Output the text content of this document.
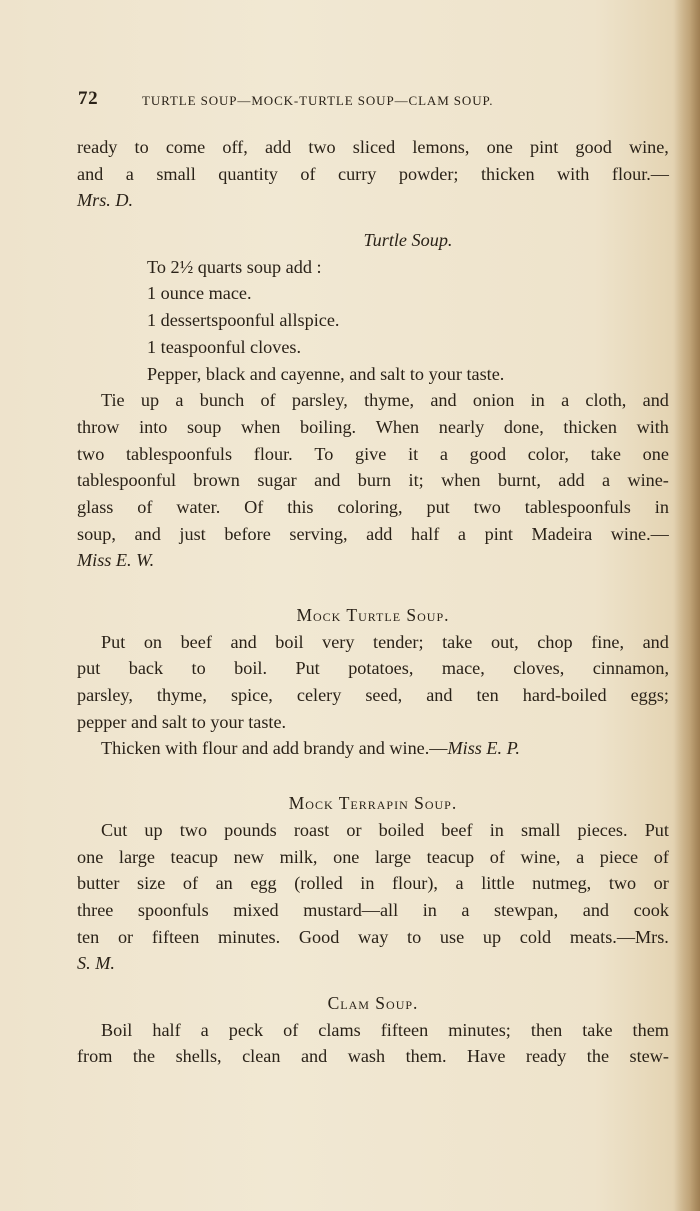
72	TURTLE SOUP—MOCK-TURTLE SOUP—CLAM SOUP.
ready to come off, add two sliced lemons, one pint good wine,
and a small quantity of curry powder; thicken with flour.—
Mrs. D.
Turtle Soup.
To 2½ quarts soup add :
1 ounce mace.
1 dessertspoonful allspice.
1 teaspoonful cloves.
Pepper, black and cayenne, and salt to your taste.
Tie up a bunch of parsley, thyme, and onion in a cloth, and
throw into soup when boiling. When nearly done, thicken with
two tablespoonfuls flour. To give it a good color, take one
tablespoonful brown sugar and burn it; when burnt, add a wine-
glass of water. Of this coloring, put two tablespoonfuls in
soup, and just before serving, add half a pint Madeira wine.—
Miss E. W.
Mock Turtle Soup.
Put on beef and boil very tender; take out, chop fine, and
put back to boil. Put potatoes, mace, cloves, cinnamon,
parsley, thyme, spice, celery seed, and ten hard-boiled eggs;
pepper and salt to your taste.
Thicken with flour and add brandy and wine.—Miss E. P.
Mock Terrapin Soup.
Cut up two pounds roast or boiled beef in small pieces. Put
one large teacup new milk, one large teacup of wine, a piece of
butter size of an egg (rolled in flour), a little nutmeg, two or
three spoonfuls mixed mustard—all in a stewpan, and cook
ten or fifteen minutes. Good way to use up cold meats.—Mrs.
S. M.
Clam Soup.
Boil half a peck of clams fifteen minutes; then take them
from the shells, clean and wash them. Have ready the stew-
